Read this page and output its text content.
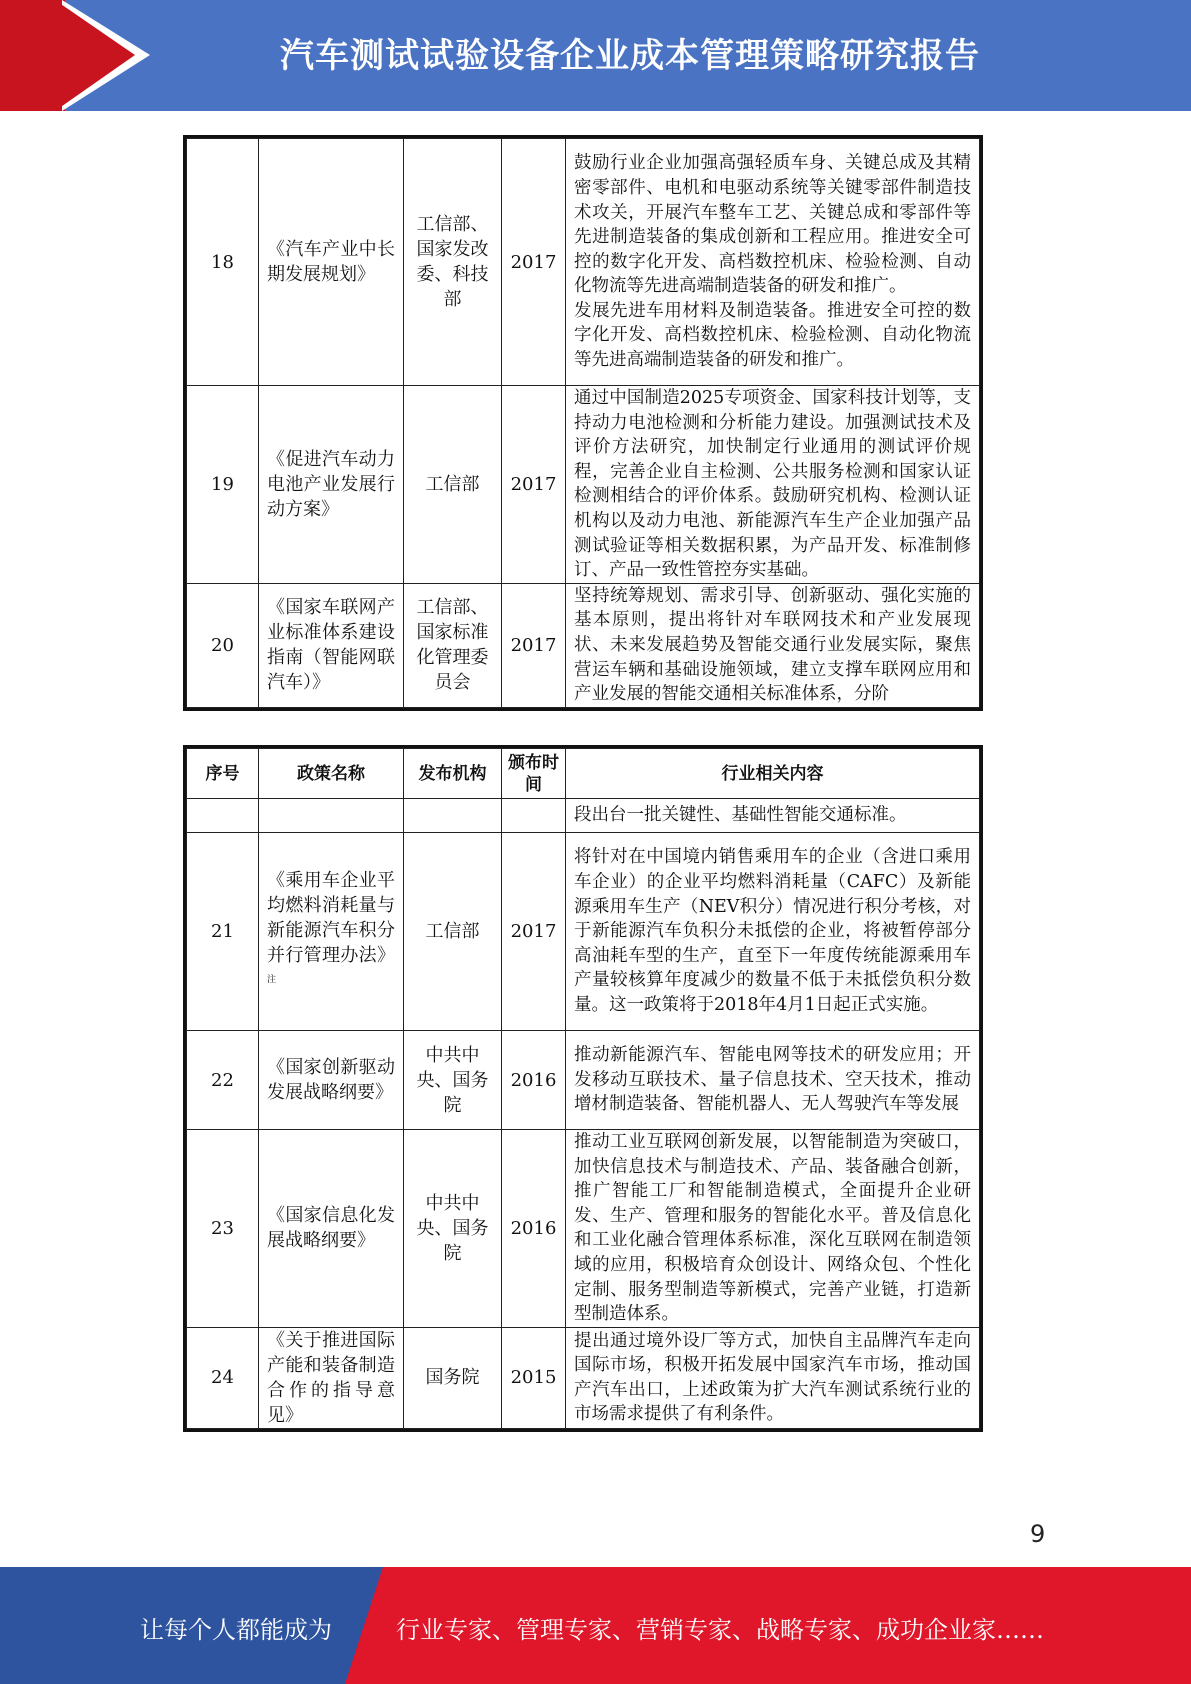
汽车测试试验设备企业成本管理策略研究报告
18	《汽车产业中长期发展规划》	工信部、国家发改委、科技部	2017	鼓励行业企业加强高强轻质车身、关键总成及其精密零部件、电机和电驱动系统等关键零部件制造技术攻关，开展汽车整车工艺、关键总成和零部件等先进制造装备的集成创新和工程应用。推进安全可控的数字化开发、高档数控机床、检验检测、自动化物流等先进高端制造装备的研发和推广。
发展先进车用材料及制造装备。推进安全可控的数字化开发、高档数控机床、检验检测、自动化物流等先进高端制造装备的研发和推广。

19	《促进汽车动力电池产业发展行动方案》	工信部	2017	通过中国制造2025专项资金、国家科技计划等，支持动力电池检测和分析能力建设。加强测试技术及评价方法研究，加快制定行业通用的测试评价规程，完善企业自主检测、公共服务检测和国家认证检测相结合的评价体系。鼓励研究机构、检测认证机构以及动力电池、新能源汽车生产企业加强产品测试验证等相关数据积累，为产品开发、标准制修订、产品一致性管控夯实基础。
20	《国家车联网产业标准体系建设指南（智能网联汽车）》	工信部、国家标准化管理委员会	2017	坚持统筹规划、需求引导、创新驱动、强化实施的基本原则，提出将针对车联网技术和产业发展现状、未来发展趋势及智能交通行业发展实际，聚焦营运车辆和基础设施领域，建立支撑车联网应用和产业发展的智能交通相关标准体系，分阶
序号	政策名称	发布机构	颁布时间	行业相关内容
				段出台一批关键性、基础性智能交通标准。
21	《乘用车企业平均燃料消耗量与新能源汽车积分并行管理办法》$^注$	工信部	2017	将针对在中国境内销售乘用车的企业（含进口乘用车企业）的企业平均燃料消耗量（CAFC）及新能源乘用车生产（NEV积分）情况进行积分考核，对于新能源汽车负积分未抵偿的企业，将被暂停部分高油耗车型的生产，直至下一年度传统能源乘用车产量较核算年度减少的数量不低于未抵偿负积分数量。这一政策将于2018年4月1日起正式实施。
22	《国家创新驱动发展战略纲要》	中共中央、国务院	2016	推动新能源汽车、智能电网等技术的研发应用；开发移动互联技术、量子信息技术、空天技术，推动增材制造装备、智能机器人、无人驾驶汽车等发展
23	《国家信息化发展战略纲要》	中共中央、国务院	2016	推动工业互联网创新发展，以智能制造为突破口，加快信息技术与制造技术、产品、装备融合创新，推广智能工厂和智能制造模式，全面提升企业研发、生产、管理和服务的智能化水平。普及信息化和工业化融合管理体系标准，深化互联网在制造领域的应用，积极培育众创设计、网络众包、个性化定制、服务型制造等新模式，完善产业链，打造新型制造体系。
24	《关于推进国际产能和装备制造合作的指导意见》	国务院	2015	提出通过境外设厂等方式，加快自主品牌汽车走向国际市场，积极开拓发展中国家汽车市场，推动国产汽车出口，上述政策为扩大汽车测试系统行业的市场需求提供了有利条件。
9
让每个人都能成为	行业专家、管理专家、营销专家、战略专家、成功企业家……
